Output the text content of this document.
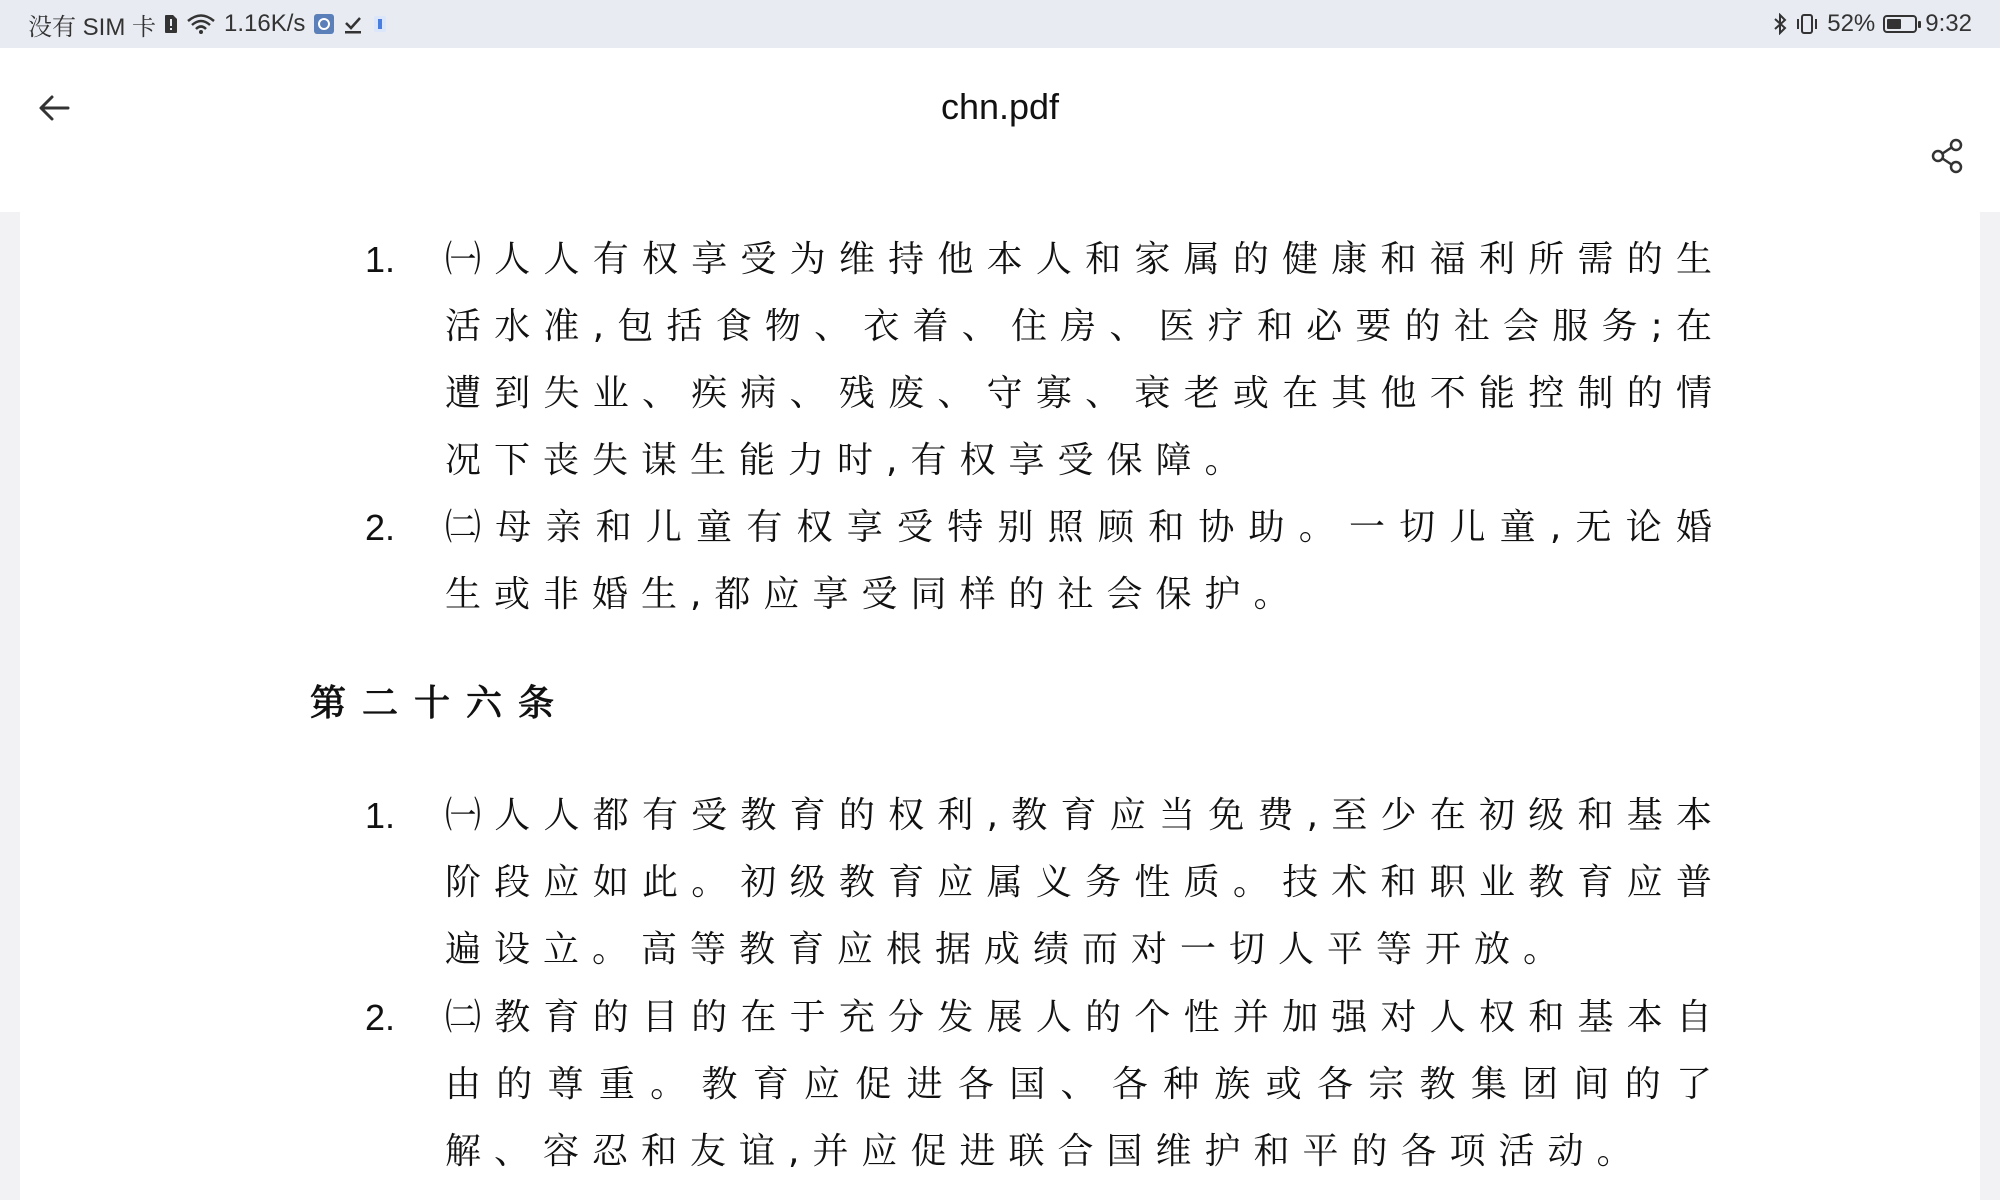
没有 SIM 卡	1.16K/s	52% 9:32
chn.pdf
1. ㈠人人有权享受为维持他本人和家属的健康和福利所需的生活水准,包括食物、衣着、住房、医疗和必要的社会服务;在遭到失业、疾病、残废、守寡、衰老或在其他不能控制的情况下丧失谋生能力时,有权享受保障。
2. ㈡母亲和儿童有权享受特别照顾和协助。一切儿童,无论婚生或非婚生,都应享受同样的社会保护。
第二十六条
1. ㈠人人都有受教育的权利,教育应当免费,至少在初级和基本阶段应如此。初级教育应属义务性质。技术和职业教育应普遍设立。高等教育应根据成绩而对一切人平等开放。
2. ㈡教育的目的在于充分发展人的个性并加强对人权和基本自由的尊重。教育应促进各国、各种族或各宗教集团间的了解、容忍和友谊,并应促进联合国维护和平的各项活动。
